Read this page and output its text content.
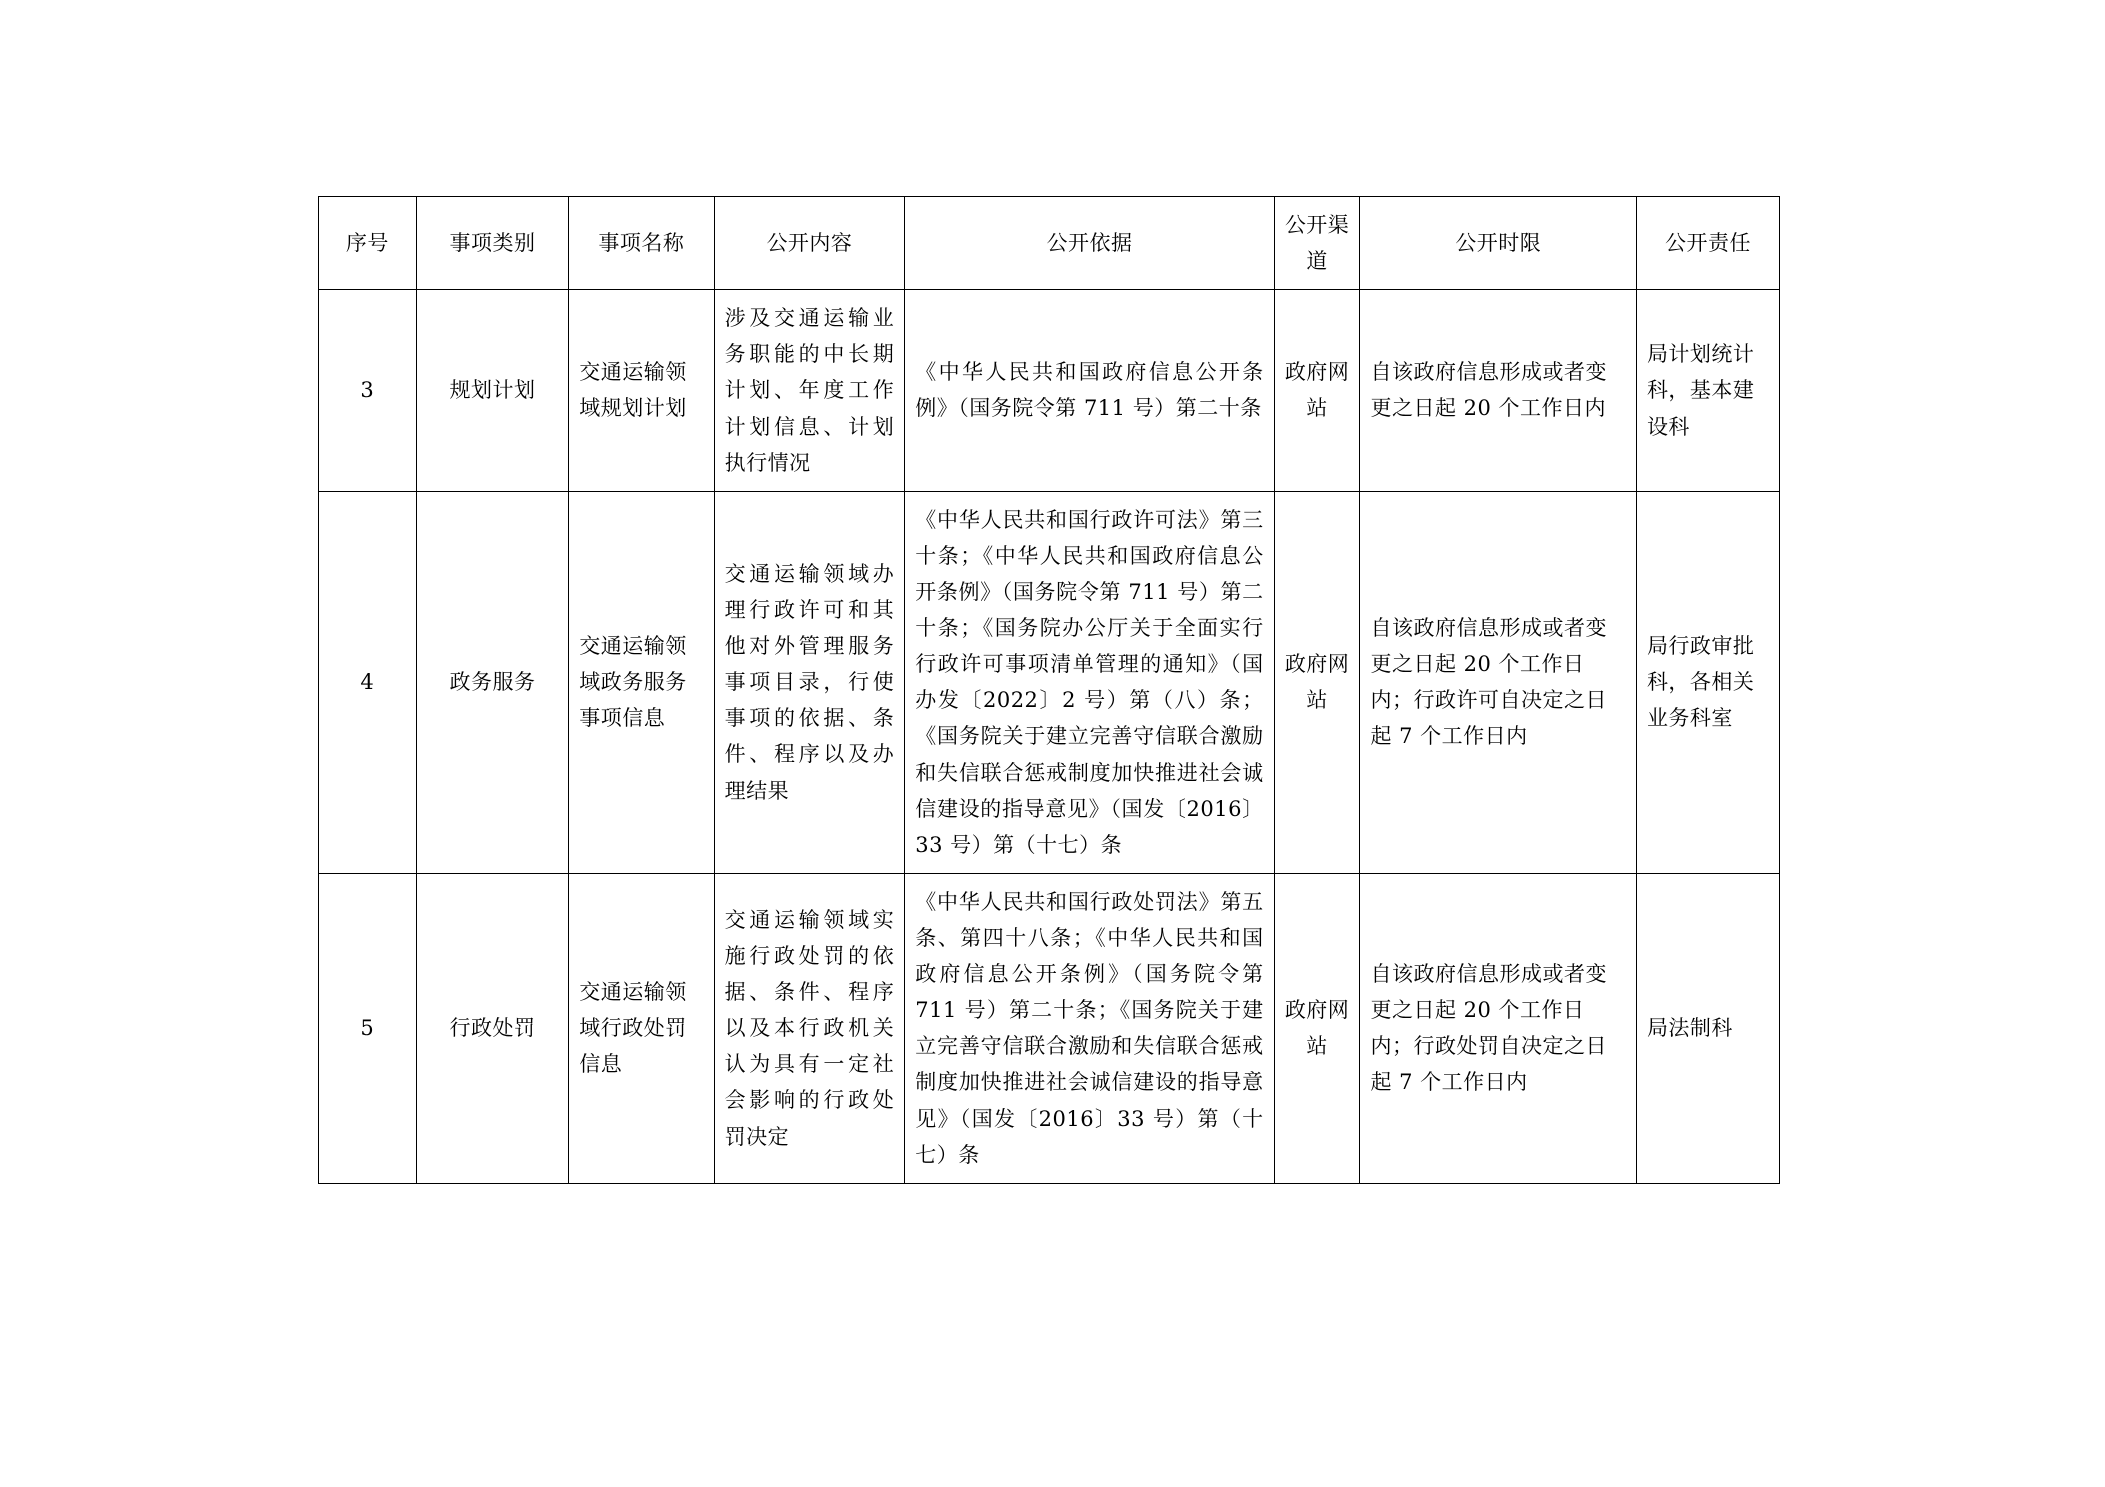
序号	事项类别	事项名称	公开内容	公开依据	公开渠道	公开时限	公开责任
3	规划计划	交通运输领域规划计划	涉及交通运输业务职能的中长期计划、年度工作计划信息、计划执行情况	《中华人民共和国政府信息公开条例》（国务院令第 711 号）第二十条	政府网站	自该政府信息形成或者变更之日起 20 个工作日内	局计划统计科，基本建设科
4	政务服务	交通运输领域政务服务事项信息	交通运输领域办理行政许可和其他对外管理服务事项目录，行使事项的依据、条件、程序以及办理结果	《中华人民共和国行政许可法》第三十条；《中华人民共和国政府信息公开条例》（国务院令第 711 号）第二十条；《国务院办公厅关于全面实行行政许可事项清单管理的通知》（国办发〔2022〕2 号）第（八）条；《国务院关于建立完善守信联合激励和失信联合惩戒制度加快推进社会诚信建设的指导意见》（国发〔2016〕33 号）第（十七）条	政府网站	自该政府信息形成或者变更之日起 20 个工作日内；行政许可自决定之日起 7 个工作日内	局行政审批科，各相关业务科室
5	行政处罚	交通运输领域行政处罚信息	交通运输领域实施行政处罚的依据、条件、程序以及本行政机关认为具有一定社会影响的行政处罚决定	《中华人民共和国行政处罚法》第五条、第四十八条；《中华人民共和国政府信息公开条例》（国务院令第 711 号）第二十条；《国务院关于建立完善守信联合激励和失信联合惩戒制度加快推进社会诚信建设的指导意见》（国发〔2016〕33 号）第（十七）条	政府网站	自该政府信息形成或者变更之日起 20 个工作日内；行政处罚自决定之日起 7 个工作日内	局法制科
